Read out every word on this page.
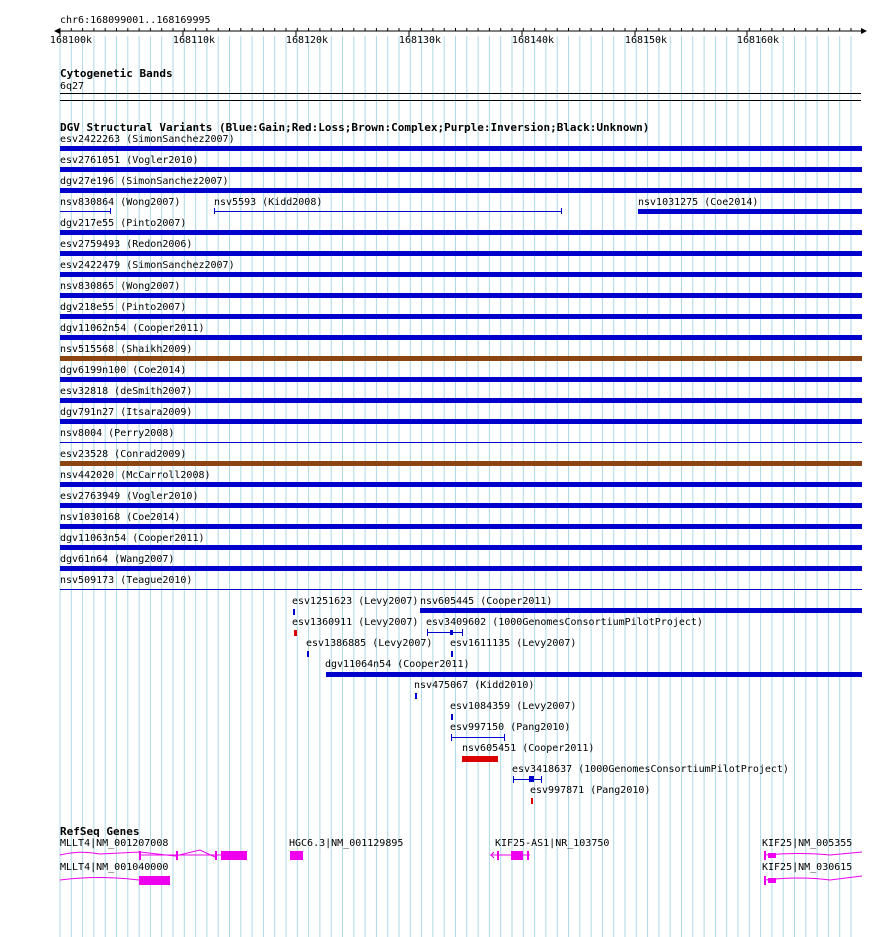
chr6:168099001..168169995
168100k	168110k	168120k	168130k	168140k	168150k	168160k
Cytogenetic Bands
6q27
DGV Structural Variants (Blue:Gain;Red:Loss;Brown:Complex;Purple:Inversion;Black:Unknown)
esv2422263 (SimonSanchez2007)
esv2761051 (Vogler2010)
dgv27e196 (SimonSanchez2007)
nsv830864 (Wong2007)	nsv5593 (Kidd2008)	nsv1031275 (Coe2014)
dgv217e55 (Pinto2007)
esv2759493 (Redon2006)
esv2422479 (SimonSanchez2007)
nsv830865 (Wong2007)
dgv218e55 (Pinto2007)
dgv11062n54 (Cooper2011)
nsv515568 (Shaikh2009)
dgv6199n100 (Coe2014)
esv32818 (deSmith2007)
dgv791n27 (Itsara2009)
nsv8004 (Perry2008)
esv23528 (Conrad2009)
nsv442020 (McCarroll2008)
esv2763949 (Vogler2010)
nsv1030168 (Coe2014)
dgv11063n54 (Cooper2011)
dgv61n64 (Wang2007)
nsv509173 (Teague2010)
esv1251623 (Levy2007) nsv605445 (Cooper2011)
esv1360911 (Levy2007) esv3409602 (1000GenomesConsortiumPilotProject)
esv1386885 (Levy2007) esv1611135 (Levy2007)
dgv11064n54 (Cooper2011)
nsv475067 (Kidd2010)
esv1084359 (Levy2007)
esv997150 (Pang2010)
nsv605451 (Cooper2011)
esv3418637 (1000GenomesConsortiumPilotProject)
esv997871 (Pang2010)
RefSeq Genes
MLLT4|NM_001207008	HGC6.3|NM_001129895	KIF25-AS1|NR_103750	KIF25|NM_005355
MLLT4|NM_001040000	KIF25|NM_030615
